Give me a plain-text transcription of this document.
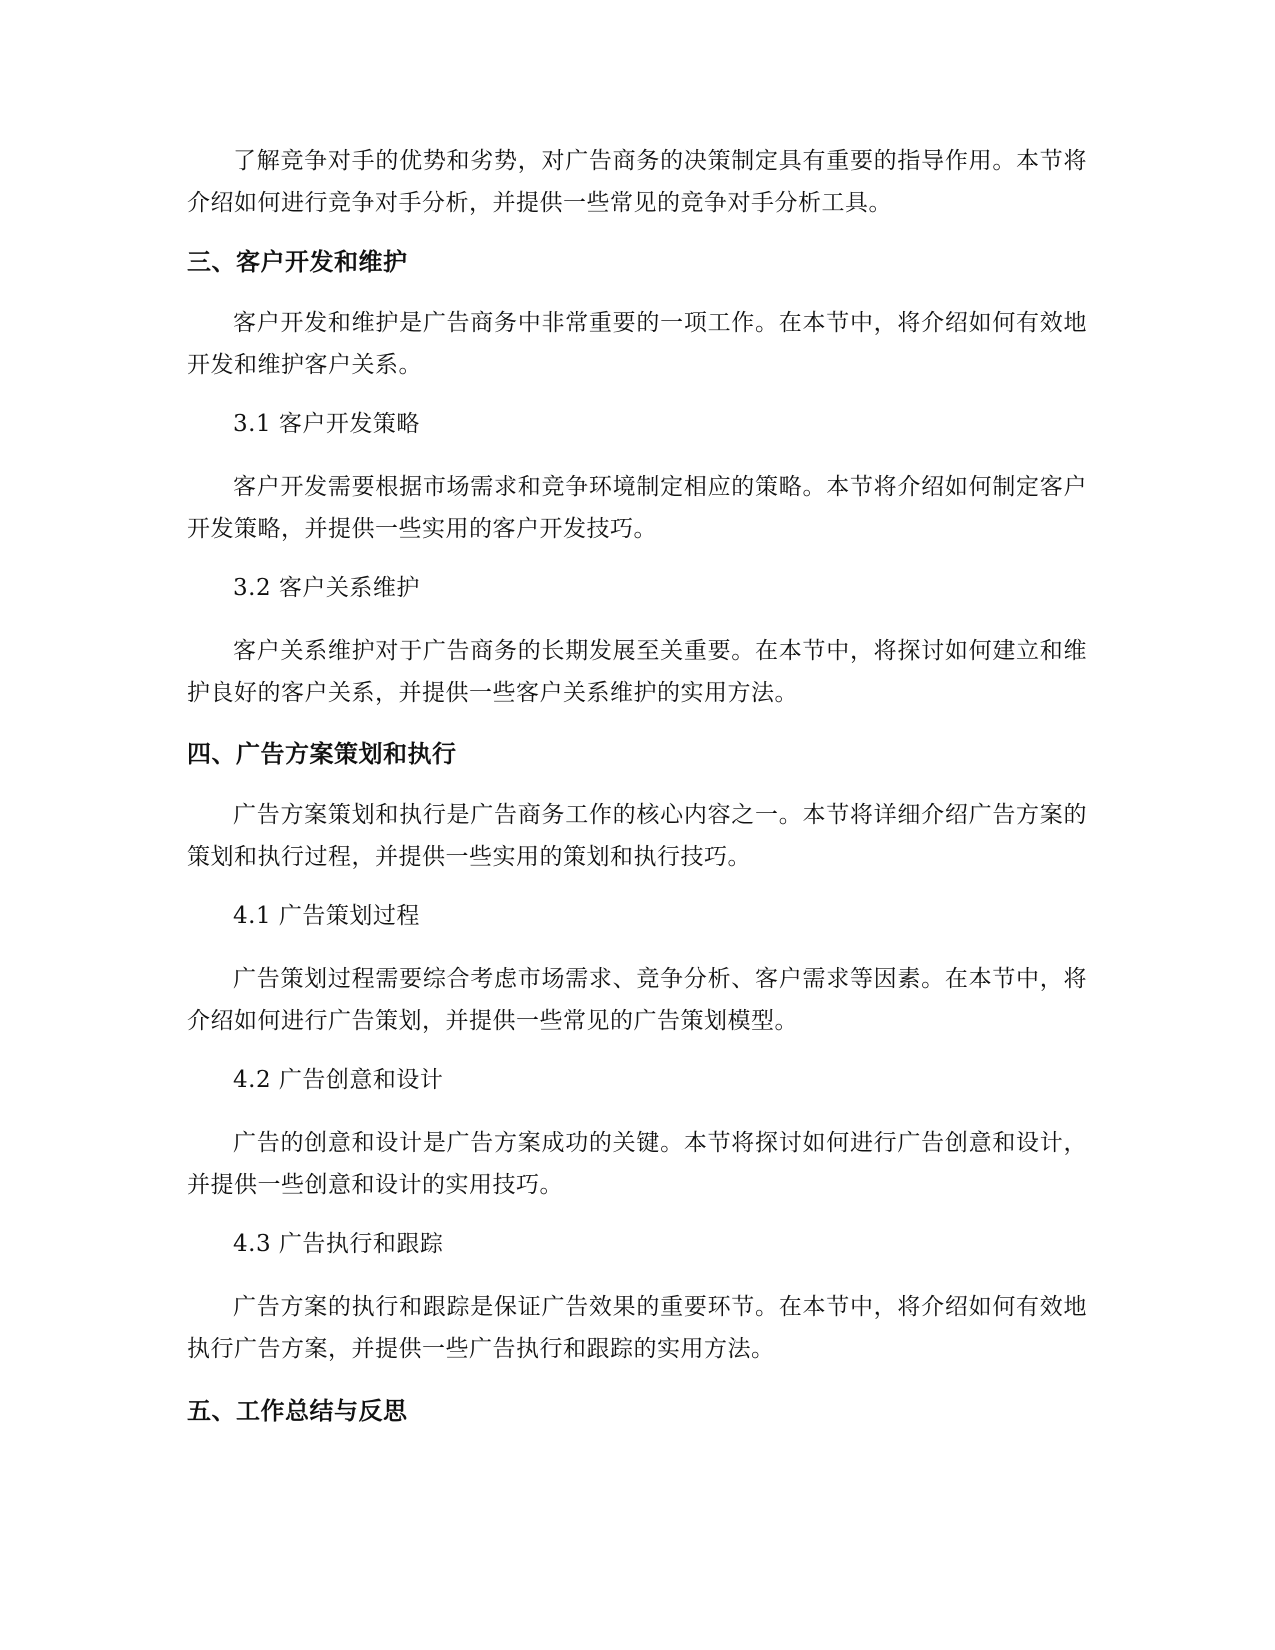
了解竞争对手的优势和劣势，对广告商务的决策制定具有重要的指导作用。本节将介绍如何进行竞争对手分析，并提供一些常见的竞争对手分析工具。

三、客户开发和维护

客户开发和维护是广告商务中非常重要的一项工作。在本节中，将介绍如何有效地开发和维护客户关系。

3.1 客户开发策略

客户开发需要根据市场需求和竞争环境制定相应的策略。本节将介绍如何制定客户开发策略，并提供一些实用的客户开发技巧。

3.2 客户关系维护

客户关系维护对于广告商务的长期发展至关重要。在本节中，将探讨如何建立和维护良好的客户关系，并提供一些客户关系维护的实用方法。

四、广告方案策划和执行

广告方案策划和执行是广告商务工作的核心内容之一。本节将详细介绍广告方案的策划和执行过程，并提供一些实用的策划和执行技巧。

4.1 广告策划过程

广告策划过程需要综合考虑市场需求、竞争分析、客户需求等因素。在本节中，将介绍如何进行广告策划，并提供一些常见的广告策划模型。

4.2 广告创意和设计

广告的创意和设计是广告方案成功的关键。本节将探讨如何进行广告创意和设计，并提供一些创意和设计的实用技巧。

4.3 广告执行和跟踪

广告方案的执行和跟踪是保证广告效果的重要环节。在本节中，将介绍如何有效地执行广告方案，并提供一些广告执行和跟踪的实用方法。

五、工作总结与反思
